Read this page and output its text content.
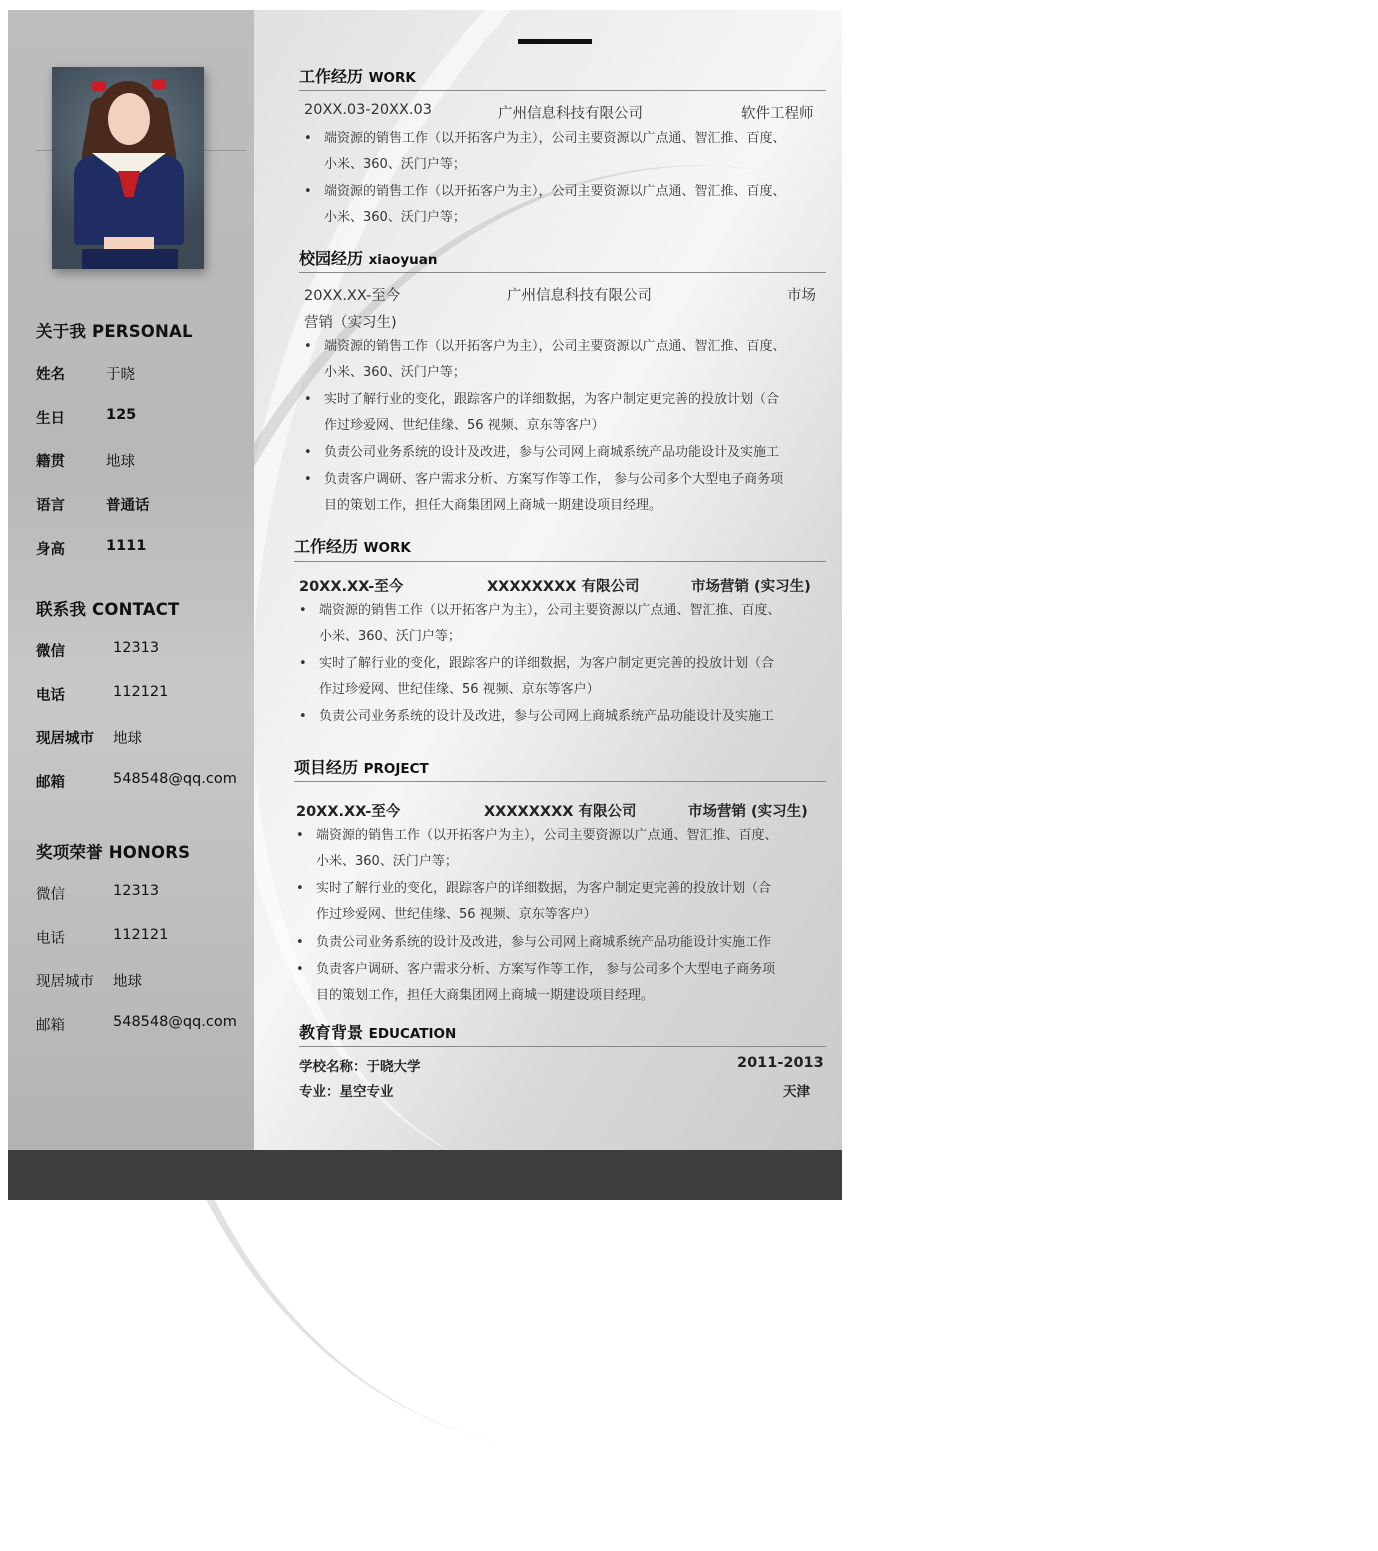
关于我 PERSONAL
姓名	于晓
生日	125
籍贯	地球
语言	普通话
身高	1111
联系我 CONTACT
微信	12313
电话	112121
现居城市 地球
邮箱	548548@qq.com
奖项荣誉 HONORS
微信	12313
电话	112121
现居城市 地球
邮箱	548548@qq.com
工作经历 WORK
20XX.03-20XX.03	广州信息科技有限公司	软件工程师
• 端资源的销售工作（以开拓客户为主），公司主要资源以广点通、智汇推、百度、
小米、360、沃门户等；
• 端资源的销售工作（以开拓客户为主），公司主要资源以广点通、智汇推、百度、
小米、360、沃门户等；
校园经历 xiaoyuan
20XX.XX-至今	广州信息科技有限公司	市场
营销（实习生)
• 端资源的销售工作（以开拓客户为主），公司主要资源以广点通、智汇推、百度、
小米、360、沃门户等；
• 实时了解行业的变化，跟踪客户的详细数据，为客户制定更完善的投放计划（合
作过珍爱网、世纪佳缘、56 视频、京东等客户）
• 负责公司业务系统的设计及改进，参与公司网上商城系统产品功能设计及实施工
• 负责客户调研、客户需求分析、方案写作等工作， 参与公司多个大型电子商务项
目的策划工作，担任大商集团网上商城一期建设项目经理。
工作经历 WORK
20XX.XX-至今	XXXXXXXX 有限公司	市场营销 (实习生)
• 端资源的销售工作（以开拓客户为主），公司主要资源以广点通、智汇推、百度、
小米、360、沃门户等；
• 实时了解行业的变化，跟踪客户的详细数据，为客户制定更完善的投放计划（合
作过珍爱网、世纪佳缘、56 视频、京东等客户）
• 负责公司业务系统的设计及改进，参与公司网上商城系统产品功能设计及实施工
项目经历 PROJECT
20XX.XX-至今	XXXXXXXX 有限公司	市场营销 (实习生)
• 端资源的销售工作（以开拓客户为主），公司主要资源以广点通、智汇推、百度、
小米、360、沃门户等；
• 实时了解行业的变化，跟踪客户的详细数据，为客户制定更完善的投放计划（合
作过珍爱网、世纪佳缘、56 视频、京东等客户）
• 负责公司业务系统的设计及改进，参与公司网上商城系统产品功能设计实施工作
• 负责客户调研、客户需求分析、方案写作等工作， 参与公司多个大型电子商务项
目的策划工作，担任大商集团网上商城一期建设项目经理。
教育背景 EDUCATION
学校名称：于晓大学	2011-2013
专业：星空专业	天津
